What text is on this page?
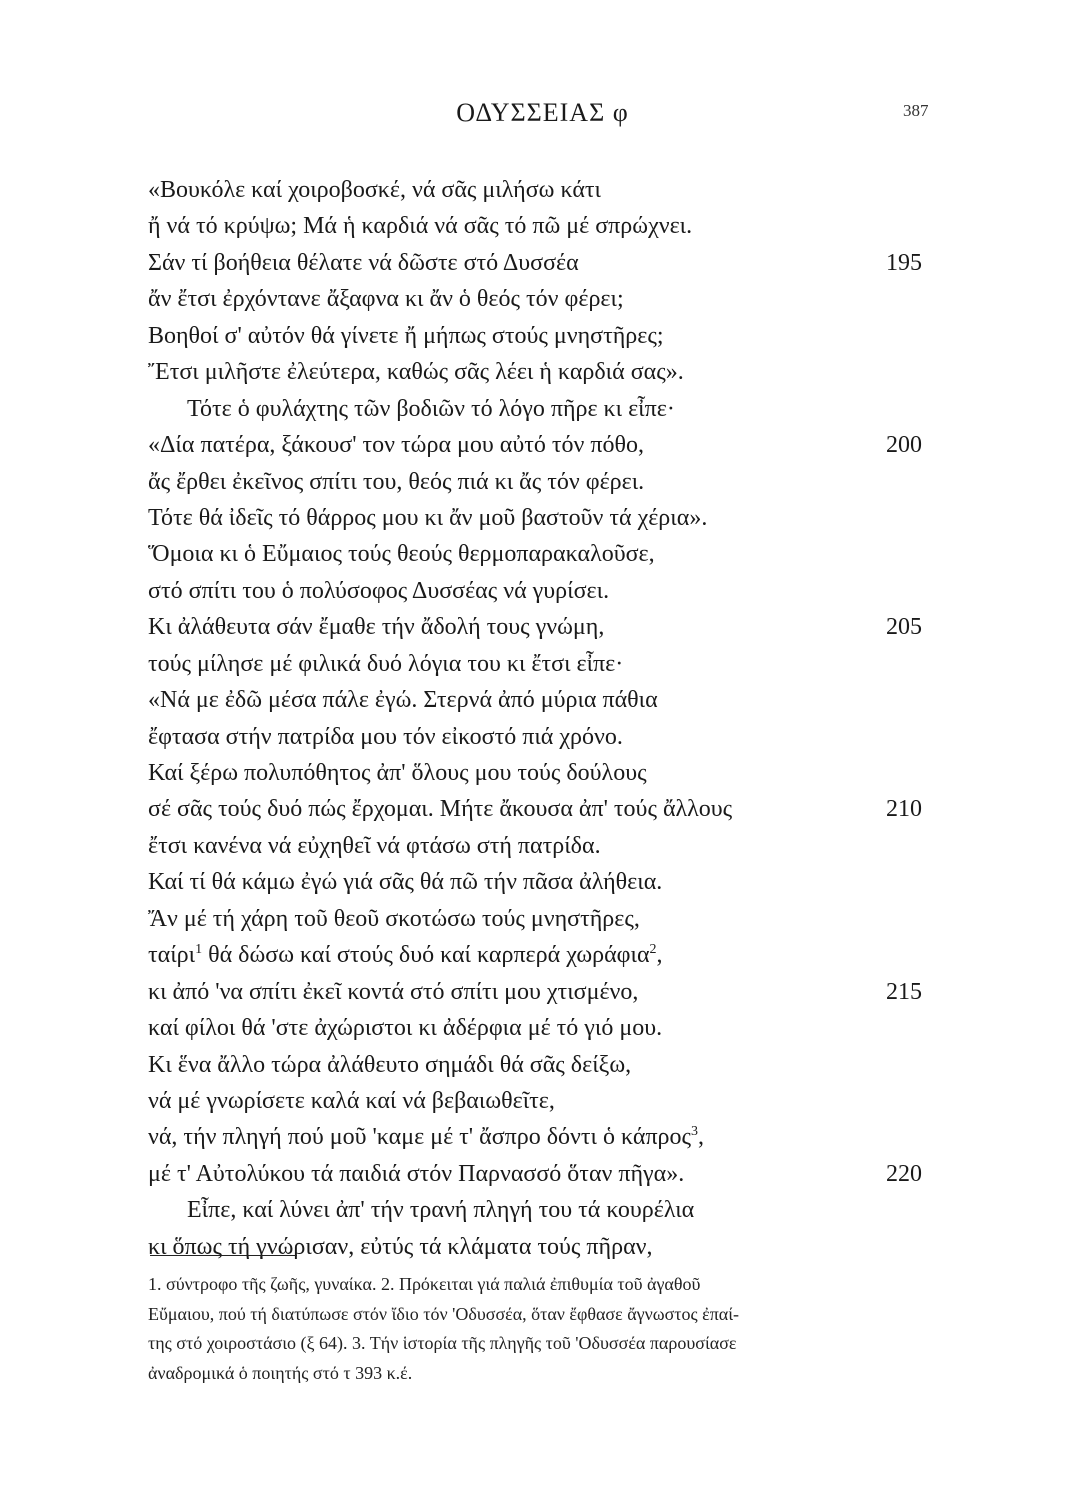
ΟΔΥΣΣΕΙΑΣ φ	387
«Βουκόλε καί χοιροβοσκέ, νά σᾶς μιλήσω κάτι
ἤ νά τό κρύψω; Μά ἡ καρδιά νά σᾶς τό πῶ μέ σπρώχνει.
Σάν τί βοήθεια θέλατε νά δῶστε στό Δυσσέα	195
ἄν ἔτσι ἐρχόντανε ἄξαφνα κι ἄν ὁ θεός τόν φέρει;
Βοηθοί σ' αὐτόν θά γίνετε ἤ μήπως στούς μνηστῆρες;
Ἔτσι μιλῆστε ἐλεύτερα, καθώς σᾶς λέει ἡ καρδιά σας».
Τότε ὁ φυλάχτης τῶν βοδιῶν τό λόγο πῆρε κι εἶπε·
«Δία πατέρα, ξάκουσ' τον τώρα μου αὐτό τόν πόθο,	200
ἄς ἔρθει ἐκεῖνος σπίτι του, θεός πιά κι ἄς τόν φέρει.
Τότε θά ἰδεῖς τό θάρρος μου κι ἄν μοῦ βαστοῦν τά χέρια».
Ὅμοια κι ὁ Εὔμαιος τούς θεούς θερμοπαρακαλοῦσε,
στό σπίτι του ὁ πολύσοφος Δυσσέας νά γυρίσει.
Κι ἀλάθευτα σάν ἔμαθε τήν ἄδολή τους γνώμη,	205
τούς μίλησε μέ φιλικά δυό λόγια του κι ἔτσι εἶπε·
«Νά με ἐδῶ μέσα πάλε ἐγώ. Στερνά ἀπό μύρια πάθια
ἔφτασα στήν πατρίδα μου τόν εἰκοστό πιά χρόνο.
Καί ξέρω πολυπόθητος ἀπ' ὅλους μου τούς δούλους
σέ σᾶς τούς δυό πώς ἔρχομαι. Μήτε ἄκουσα ἀπ' τούς ἄλλους	210
ἔτσι κανένα νά εὐχηθεῖ νά φτάσω στή πατρίδα.
Καί τί θά κάμω ἐγώ γιά σᾶς θά πῶ τήν πᾶσα ἀλήθεια.
Ἄν μέ τή χάρη τοῦ θεοῦ σκοτώσω τούς μνηστῆρες,
ταίρι$^1$ θά δώσω καί στούς δυό καί καρπερά χωράφια$^2$,
κι ἀπό 'να σπίτι ἐκεῖ κοντά στό σπίτι μου χτισμένο,	215
καί φίλοι θά 'στε ἀχώριστοι κι ἀδέρφια μέ τό γιό μου.
Κι ἕνα ἄλλο τώρα ἀλάθευτο σημάδι θά σᾶς δείξω,
νά μέ γνωρίσετε καλά καί νά βεβαιωθεῖτε,
νά, τήν πληγή πού μοῦ 'καμε μέ τ' ἄσπρο δόντι ὁ κάπρος$^3$,
μέ τ' Αὐτολύκου τά παιδιά στόν Παρνασσό ὅταν πῆγα».	220
Εἶπε, καί λύνει ἀπ' τήν τρανή πληγή του τά κουρέλια
κι ὅπως τή γνώρισαν, εὐτύς τά κλάματα τούς πῆραν,
1. σύντροφο τῆς ζωῆς, γυναίκα. 2. Πρόκειται γιά παλιά ἐπιθυμία τοῦ ἀγαθοῦ
Εὔμαιου, πού τή διατύπωσε στόν ἴδιο τόν 'Οδυσσέα, ὅταν ἔφθασε ἄγνωστος ἐπαί-
της στό χοιροστάσιο (ξ 64). 3. Τήν ἱστορία τῆς πληγῆς τοῦ 'Οδυσσέα παρουσίασε
ἀναδρομικά ὁ ποιητής στό τ 393 κ.έ.
